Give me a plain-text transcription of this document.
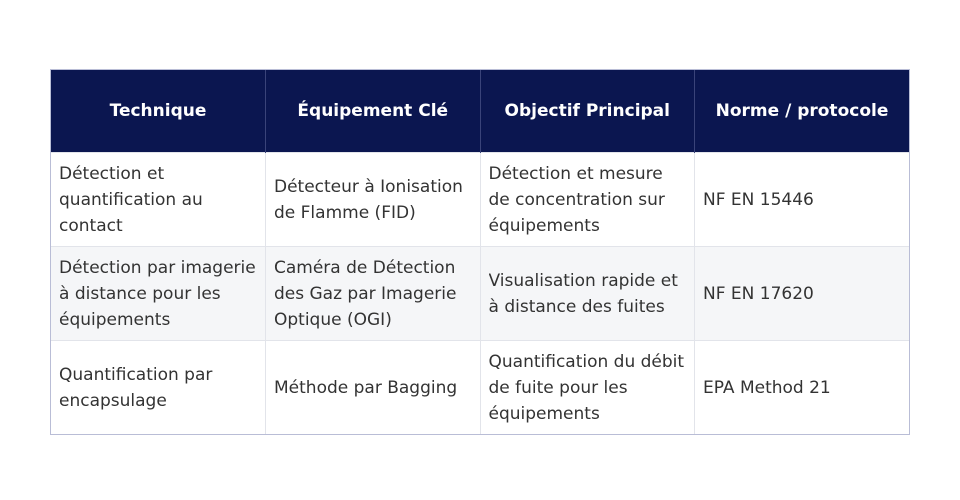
Technique	Équipement Clé	Objectif Principal	Norme / protocole

Détection et quantification au contact	Détecteur à Ionisation de Flamme (FID)	Détection et mesure de concentration sur équipements	NF EN 15446

Détection par imagerie à distance pour les équipements	Caméra de Détection des Gaz par Imagerie Optique (OGI)	Visualisation rapide et à distance des fuites	NF EN 17620

Quantification par encapsulage	Méthode par Bagging	Quantification du débit de fuite pour les équipements	EPA Method 21
